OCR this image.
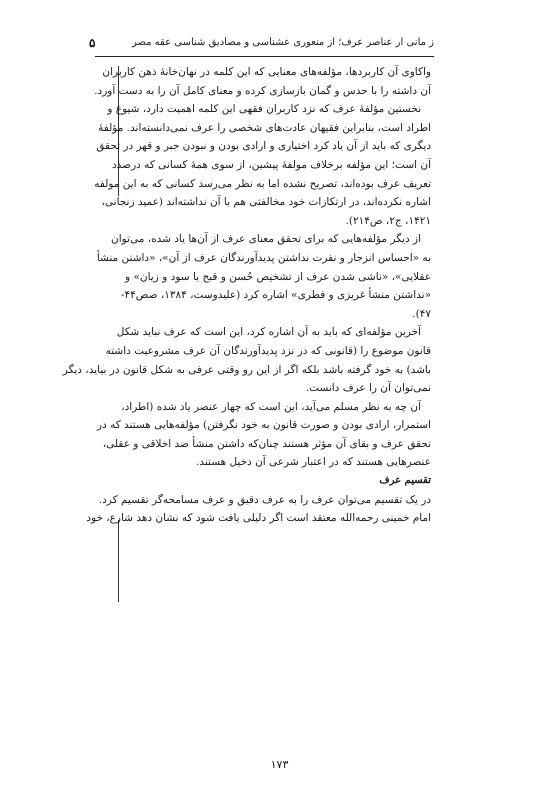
۵	ز مانی ار عناصر عرف؛ از منعوری عشناسی و مصادیق شناسی عقه مصر
واکاوی آن کاربردها، مؤلفه‌های معنایی که این کلمه در نهان‌خانهٔ ذهن کاربران
آن داشته را با حدس و گمان بازسازی کرده و معنای کامل آن را به دست آورد.
نخستین مؤلفهٔ عرف که نزد کاربران فقهی این کلمه اهمیت دارد، شیوع و
اطراد است، بنابراین فقیهان عادت‌های شخصی را عرف نمی‌دانسته‌اند. مؤلفهٔ
دیگری که باید از آن یاد کرد اختیاری و ارادی بودن و نبودن جبر و قهر در تحقق
آن است؛ این مؤلفه برخلاف مولفهٔ پیشین، از سوی همهٔ کسانی که درصدد
تعریف عرف بوده‌اند، تصریح نشده اما به نظر می‌رسد کسانی که به این مولفه
اشاره نکرده‌اند، در ارتکازات خود مخالفتی هم با آن نداشته‌اند (عمید زنجانی،
۱۴۲۱، ج۲، ص۲۱۴).
از دیگر مؤلفه‌هایی که برای تحقق معنای عرف از آن‌ها یاد شده، می‌توان
به «احساس انزجار و نفرت نداشتن پدیدآورندگان عرف از آن»، «داشتن منشأ
عقلایی»، «ناشی شدن عرف از تشخیص حُسن و قبح یا سود و زیان» و
«نداشتن منشأ غریزی و فطری» اشاره کرد (علیدوست، ۱۳۸۴، صص۴۴-
۴۷).
آخرین مؤلفه‌ای که باید به آن اشاره کرد، این است که عرف نباید شکل
قانون موضوع را (قانونی که در نزد پدیدآورندگان آن عرف مشروعیت داشته
باشد) به خود گرفته باشد بلکه اگر از این رو وقتی عرفی به شکل قانون در بیاید، دیگر
نمی‌توان آن را عرف دانست.
آن چه به نظر مسلم می‌آید، این است که چهار عنصر یاد شده (اطراد،
استمرار، ارادی بودن و صورت قانون به خود نگرفتن) مؤلفه‌هایی هستند که در
تحقق عرف و بقای آن مؤثر هستند چنان‌که داشتن منشأ ضد اخلاقی و عقلی،
عنصرهایی هستند که در اعتبار شرعی آن دخیل هستند.
تقسیم عرف
در یک تقسیم می‌توان عرف را به عرف دقیق و عرف مسامحه‌گر تقسیم کرد.
امام خمینی رحمه‌الله معتقد است اگر دلیلی یافت شود که نشان دهد شارع، خود
۱۷۳
